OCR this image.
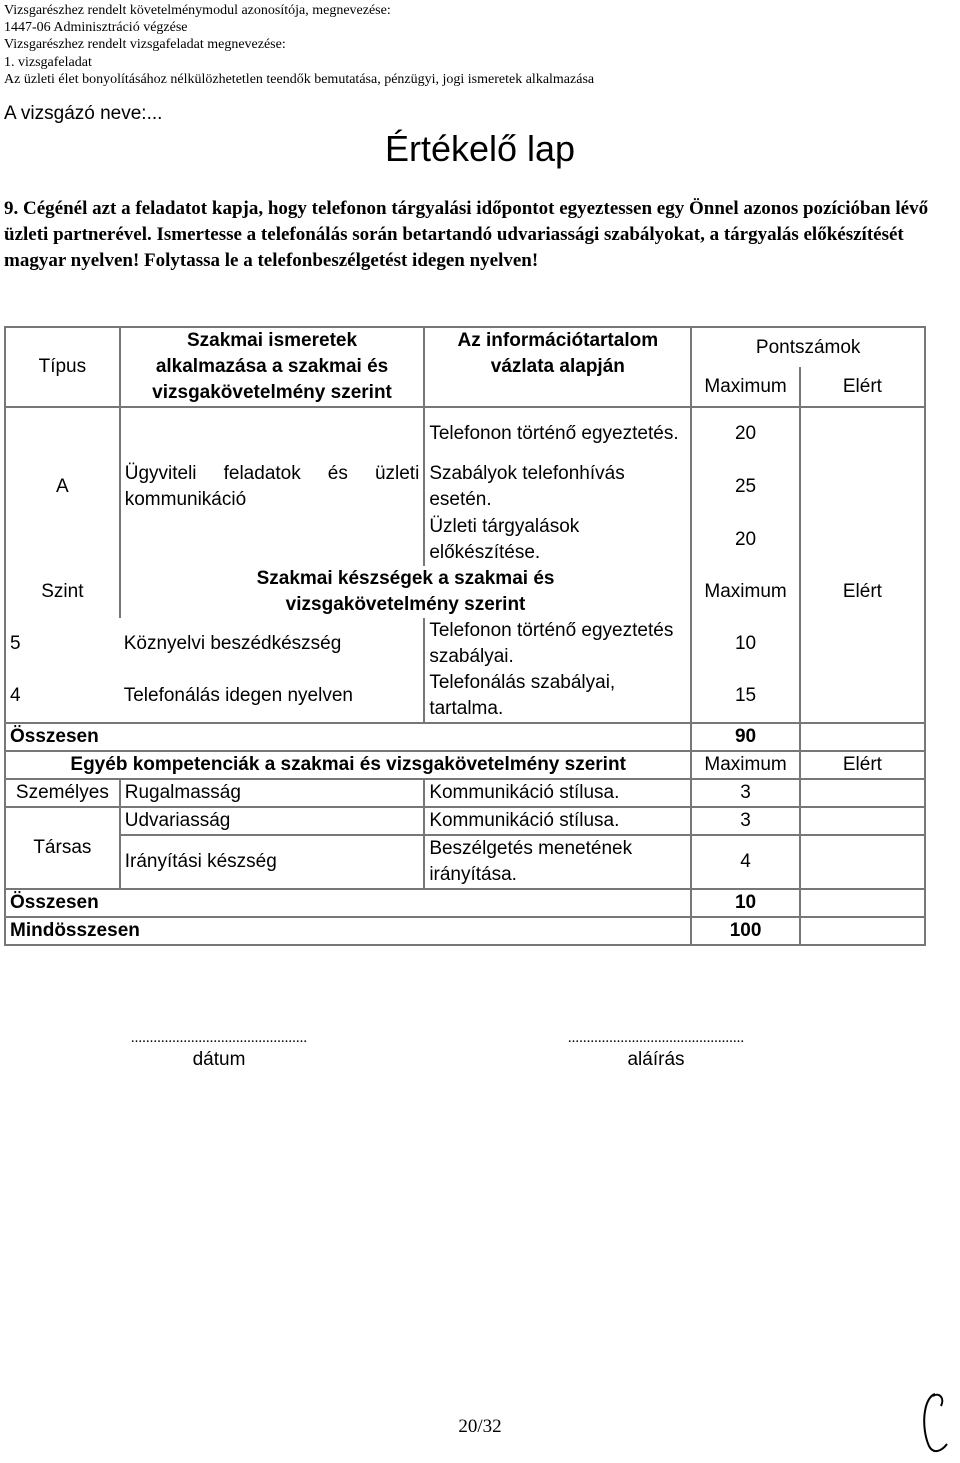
Vizsgarészhez rendelt követelménymodul azonosítója, megnevezése:
1447-06 Adminisztráció végzése
Vizsgarészhez rendelt vizsgafeladat megnevezése:
1. vizsgafeladat
Az üzleti élet bonyolításához nélkülözhetetlen teendők bemutatása, pénzügyi, jogi ismeretek alkalmazása
A vizsgázó neve:...
Értékelő lap
9. Cégénél azt a feladatot kapja, hogy telefonon tárgyalási időpontot egyeztessen egy Önnel azonos pozícióban lévő üzleti partnerével. Ismertesse a telefonálás során betartandó udvariassági szabályokat, a tárgyalás előkészítését magyar nyelven! Folytassa le a telefonbeszélgetést idegen nyelven!
Típus	Szakmai ismeretek alkalmazása a szakmai és vizsgakövetelmény szerint	Az információtartalom vázlata alapján	Pontszámok	
			Maximum	Elért
A	Ügyviteli feladatok és üzleti kommunikáció	Telefonon történő egyeztetés.	20	
		Szabályok telefonhívás esetén.	25	
		Üzleti tárgyalások előkészítése.	20	
Szint	Szakmai készségek a szakmai és vizsgakövetelmény szerint		Maximum	Elért
5	Köznyelvi beszédkészség	Telefonon történő egyeztetés szabályai.	10	
4	Telefonálás idegen nyelven	Telefonálás szabályai, tartalma.	15	
Összesen			90	
Egyéb kompetenciák a szakmai és vizsgakövetelmény szerint			Maximum	Elért
Személyes	Rugalmasság	Kommunikáció stílusa.	3	
Társas	Udvariasság	Kommunikáció stílusa.	3	
	Irányítási készség	Beszélgetés menetének irányítása.	4	
Összesen			10	
Mindösszesen			100	
...............................................
dátum
...............................................
aláírás
20/32
